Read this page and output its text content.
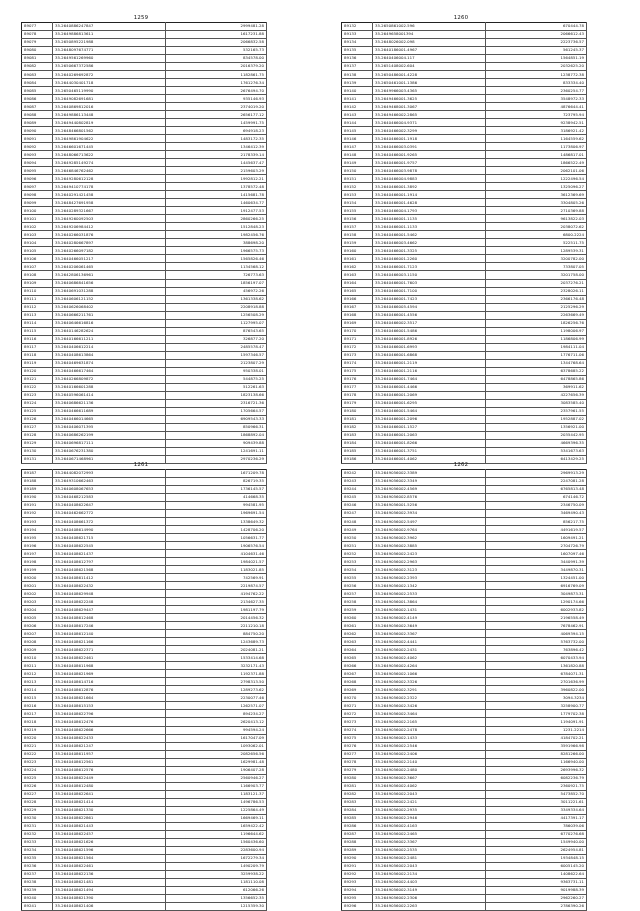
1259
89077	35.2640886247847	2999481.28
89078	35.2649886813611	1617231.88
89079	35.2650895221988	2066832.58
89080	35.2648097674771	532165.73
89081	35.2649561269960	834578.00
89082	35.2650667372586	2016379.20
89083	35.2640269692872	1182861.75
89084	35.2644030401718	1761276.34
89085	35.2650465119990	2676494.70
89086	35.2649082691681	935146.93
89087	35.2640869812016	2374019.20
89088	35.2649886113448	2656177.12
89089	35.2649440802819	1459991.75
89090	35.2648466801562	694918.23
89091	35.2649861904622	1483172.35
89092	35.2646601671445	1346412.39
89093	35.2648066713622	2178339.14
89094	35.2649285149274	1445637.47
89095	35.2646846762462	2159603.29
89096	35.2649280612128	1992812.21
89097	35.2649410774178	1378572.48
89098	35.2640291421458	1415681.78
89099	35.2648427691958	1460634.77
89100	35.2640289321667	1912477.53
89101	35.2649260092503	2860266.25
89102	35.2649206984412	1512848.23
89103	35.2640266031876	1982456.76
89104	35.2640280667897	388698.20
89105	35.2640266097182	1966575.73
89106	35.2640466051217	1565826.46
89107	35.2640206061465	1134568.12
89108	35.2642806136961	726773.63
89109	35.2640686841656	1856197.07
89110	35.2640691031288	456972.26
89111	35.2640606121152	1361338.62
89112	35.2640626068402	2208918.88
89113	35.2640666211761	1256508.29
89114	35.2640646616816	1127995.07
89115	35.2640146282624	876543.65
89116	35.2640166611211	326877.20
89117	35.2640406612214	2485578.47
89118	35.2640408613864	1597346.57
89119	35.2640469631874	2123807.29
89120	35.2640466617464	950338.01
89121	35.2640266809872	544875.25
89122	35.2640166601288	512261.63
89123	35.2640596061414	1823138.66
89124	35.2640686621136	2316721.36
89125	35.2640466611689	1705664.57
89126	35.2640466014665	6909543.33
89127	35.2640406071395	850966.31
89128	35.2640686262199	1868892.04
89129	35.2640696817111	909439.88
89130	35.2640676231380	1241691.11
89131	35.2640671468961	2970236.29
1260
89132	35.2650861002.596	670444.78
89133	35.2649658001394	2066612.43
89134	35.2648026002.098	2223736.57
89135	35.2640186001.4967	561245.37
89136	35.2640406004.117	1564851.19
89137	35.2651408002.604	2032625.20
89138	35.2650486001.4228	1238772.38
89139	35.2650461001.1386	833334.40
89140	35.2649966003.4365	2360254.77
89141	35.2649466001.3625	3548972.33
89142	35.2649468001.3067	4876644.41
89143	35.2649466002.2865	723795.94
89144	35.2640466004.9371	9238942.51
89145	35.2640466002.3299	3186921.42
89146	35.2640466001.1918	1164559.62
89147	35.2640466003.0391	1173806.97
89148	35.2640466001.9265	1486817.01
89149	35.2640466001.9757	1866522.49
89150	35.2640466003.9878	2062101.06
89151	35.2640466004.9883	1222496.54
89152	35.2640466001.3892	1325096.27
89153	35.2640466001.1914	3612369.69
89154	35.2640466001.4628	3304805.26
89155	35.2640466004.1793	2710369.88
89156	35.2640466001.1135	9613822.03
89157	35.2640466001.1133	2038072.62
89158	35.2640466001.5462	6800.2224
89159	35.2640466003.4662	522511.75
89160	35.2640466001.3325	1289539.31
89161	35.2640466001.2260	3200782.00
89162	35.2640466001.7123	733807.05
89163	35.2640466003.1150	3201758.00
89164	35.2640466001.7603	2037276.21
89165	35.2640466001.7100	2328026.11
89166	35.2640466001.7423	2366176.48
89167	35.2640466005.4594	2125296.29
89168	35.2640466001.4556	2263669.49
89169	35.2640466002.3517	1826256.76
89170	35.2640466001.5486	1198006.97
89171	35.2640466001.8926	1186806.99
89172	35.2640466001.6993	1984111.04
89173	35.2640466001.6868	1776711.06
89174	35.2640466001.2119	1344768.64
89175	35.2640466001.2116	6378685.22
89176	35.2640466001.7464	6478865.86
89177	35.2640466001.4466	369911.62
89178	35.2640466001.2069	4227656.39
89179	35.2640466001.6295	3083585.40
89180	35.2640466001.5464	2357961.55
89181	35.2640466001.2096	1952887.02
89182	35.2640466001.1527	1356921.00
89183	35.2640466001.2063	2035442.95
89184	35.2640466001.8266	4669396.35
89185	35.2640466001.3751	5341673.63
89186	35.2640466001.4062	6413429.25
1261
89187	35.2644082072993	1671209.78
89188	35.2649310662463	826719.35
89189	35.2640608067653	1736145.57
89190	35.2640468212583	414668.35
89191	35.2640408622647	994581.95
89192	35.2640462662772	1969691.54
89193	35.2640408661372	1338649.32
89194	35.2640408614990	1428706.20
89195	35.2640408621715	1056631.77
89196	35.2640408622545	1906576.54
89197	35.2640408621437	4104631.46
89198	35.2640408612797	1984021.57
89199	35.2640408621568	1183021.85
89200	35.2640408611412	742569.91
89201	35.2640408622432	2219874.57
89202	35.2640408629948	4194762.22
89203	35.2640408622248	2134627.35
89204	35.2640408629447	1981197.79
89205	35.2640408612468	2014456.32
89206	35.2640408617246	2211210.18
89207	35.2640408612140	884750.20
89208	35.2640408621166	1243689.73
89209	35.2640408622371	2024081.21
89210	35.2640408622461	1533414.68
89211	35.2640408611968	3232171.43
89212	35.2640408621969	1192371.88
89213	35.2640408614716	2798313.50
89214	35.2640408612876	1289273.62
89215	35.2640408621664	2230077.46
89216	35.2640408615153	1262571.07
89217	35.2640408622796	894234.27
89218	35.2640408612476	2620413.12
89219	35.2640408622666	994594.24
89220	35.2640408622433	1617047.09
89221	35.2640408621247	1093062.01
89222	35.2640408611957	2082656.56
89223	35.2640408612561	1629981.48
89224	35.2640408612576	1906407.28
89225	35.2640408622449	2560946.27
89226	35.2640408612480	1166903.77
89227	35.2640408622641	1183121.37
89228	35.2640408621414	1496786.53
89229	35.2640408621330	1225864.49
89230	35.2640408622861	1669469.11
89231	35.2640408621443	1659422.42
89232	35.2640408622457	1196644.62
89233	35.2640408621626	1560436.60
89234	35.2640408621596	2283600.94
89235	35.2640408621564	1672279.34
89236	35.2640408622461	1490209.79
89237	35.2640408622136	3259938.22
89238	35.2640408621481	1181110.08
89239	35.2640408621494	612066.26
89240	35.2640408621390	1356652.35
89241	35.2640408621406	1215359.30
1262
89242	35.2649056002.3389	2969913.29
89243	35.2649056002.3349	2247081.28
89244	35.2649056002.4569	6765813.48
89245	35.2649056002.8576	674146.72
89246	35.2649056001.5256	2346750.09
89247	35.2649056002.3934	3469490.43
89248	35.2649056002.5497	856217.75
89249	35.2649056002.9764	4491619.57
89250	35.2649056002.3962	1609491.21
89251	35.2649056002.3885	2704726.79
89252	35.2649056002.2423	1607097.46
89253	35.2649056002.2963	3440991.39
89254	35.2649056002.3123	3449870.31
89255	35.2649056002.2393	1324451.00
89256	35.2649056002.1342	6916769.09
89257	35.2649056002.2533	3049873.31
89258	35.2649056001.3864	1290174.66
89259	35.2649056002.1431	6002933.82
89260	35.2649056002.4149	2196558.49
89261	35.2649056002.3649	7678462.91
89262	35.2649056002.3367	4069394.15
89263	35.2649056002.4441	5763732.00
89264	35.2649056002.2431	763896.42
89265	35.2649056002.4062	6070433.94
89266	35.2649056002.4264	1361820.88
89267	35.2649056002.1066	6784071.31
89268	35.2649056002.3326	2701636.99
89269	35.2649056002.3291	3960822.00
89270	35.2649056002.2322	3094.3234
89271	35.2649056002.3426	3258900.77
89272	35.2649056002.3464	1779702.38
89273	35.2649056002.2165	1194091.91
89274	35.2649056002.2478	1231.2214
89275	35.2649056002.1433	4184702.21
89276	35.2649056002.2546	3591966.98
89277	35.2649056002.2406	8281266.00
89278	35.2649056002.2140	1166940.00
89279	35.2649056002.2480	2693996.32
89280	35.2649056002.3667	6082236.79
89281	35.2649056002.4062	2360921.75
89282	35.2649056002.2043	5473852.70
89283	35.2649056002.2421	3011221.61
89284	35.2649056002.2935	3349334.64
89285	35.2649056002.2946	4417391.17
89286	35.2649056002.4163	786039.06
89287	35.2649056002.2465	6770276.68
89288	35.2649056002.3367	1549940.00
89289	35.2649056002.2535	2624954.81
89290	35.2649056002.2481	1934848.15
89291	35.2649056002.2043	6005145.20
89292	35.2649056002.2134	1408622.64
89293	35.2649056002.4403	9363731.11
89294	35.2649056002.3149	9019988.39
89295	35.2649056002.2306	2962260.27
89296	35.2649056002.2263	2786390.26
